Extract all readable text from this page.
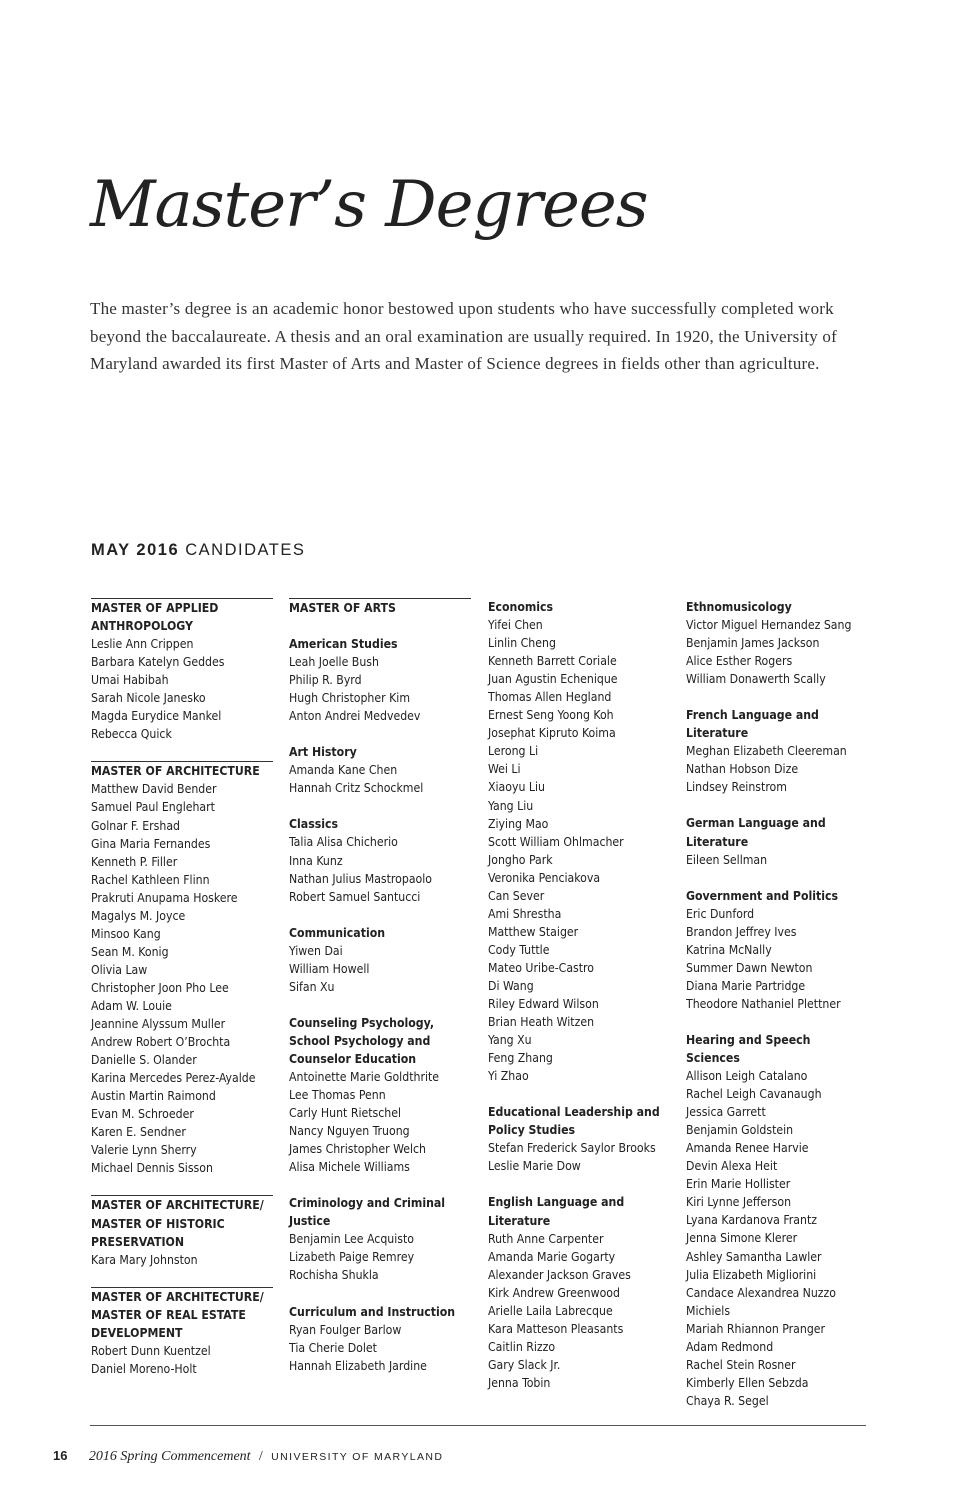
Master’s Degrees

The master’s degree is an academic honor bestowed upon students who have successfully completed work beyond the baccalaureate. A thesis and an oral examination are usually required. In 1920, the University of Maryland awarded its first Master of Arts and Master of Science degrees in fields other than agriculture.

MAY 2016 CANDIDATES
MASTER OF APPLIED ANTHROPOLOGY
Leslie Ann Crippen
Barbara Katelyn Geddes
Umai Habibah
Sarah Nicole Janesko
Magda Eurydice Mankel
Rebecca Quick
MASTER OF ARCHITECTURE
Matthew David Bender
Samuel Paul Englehart
Golnar F. Ershad
Gina Maria Fernandes
Kenneth P. Filler
Rachel Kathleen Flinn
Prakruti Anupama Hoskere
Magalys M. Joyce
Minsoo Kang
Sean M. Konig
Olivia Law
Christopher Joon Pho Lee
Adam W. Louie
Jeannine Alyssum Muller
Andrew Robert O’Brochta
Danielle S. Olander
Karina Mercedes Perez-Ayalde
Austin Martin Raimond
Evan M. Schroeder
Karen E. Sendner
Valerie Lynn Sherry
Michael Dennis Sisson
MASTER OF ARCHITECTURE/ MASTER OF HISTORIC PRESERVATION
Kara Mary Johnston
MASTER OF ARCHITECTURE/ MASTER OF REAL ESTATE DEVELOPMENT
Robert Dunn Kuentzel
Daniel Moreno-Holt
MASTER OF ARTS
American Studies
Leah Joelle Bush
Philip R. Byrd
Hugh Christopher Kim
Anton Andrei Medvedev
Art History
Amanda Kane Chen
Hannah Critz Schockmel
Classics
Talia Alisa Chicherio
Inna Kunz
Nathan Julius Mastropaolo
Robert Samuel Santucci
Communication
Yiwen Dai
William Howell
Sifan Xu
Counseling Psychology, School Psychology and Counselor Education
Antoinette Marie Goldthrite
Lee Thomas Penn
Carly Hunt Rietschel
Nancy Nguyen Truong
James Christopher Welch
Alisa Michele Williams
Criminology and Criminal Justice
Benjamin Lee Acquisto
Lizabeth Paige Remrey
Rochisha Shukla
Curriculum and Instruction
Ryan Foulger Barlow
Tia Cherie Dolet
Hannah Elizabeth Jardine
Economics
Yifei Chen
Linlin Cheng
Kenneth Barrett Coriale
Juan Agustin Echenique
Thomas Allen Hegland
Ernest Seng Yoong Koh
Josephat Kipruto Koima
Lerong Li
Wei Li
Xiaoyu Liu
Yang Liu
Ziying Mao
Scott William Ohlmacher
Jongho Park
Veronika Penciakova
Can Sever
Ami Shrestha
Matthew Staiger
Cody Tuttle
Mateo Uribe-Castro
Di Wang
Riley Edward Wilson
Brian Heath Witzen
Yang Xu
Feng Zhang
Yi Zhao
Educational Leadership and Policy Studies
Stefan Frederick Saylor Brooks
Leslie Marie Dow
English Language and Literature
Ruth Anne Carpenter
Amanda Marie Gogarty
Alexander Jackson Graves
Kirk Andrew Greenwood
Arielle Laila Labrecque
Kara Matteson Pleasants
Caitlin Rizzo
Gary Slack Jr.
Jenna Tobin
Ethnomusicology
Victor Miguel Hernandez Sang
Benjamin James Jackson
Alice Esther Rogers
William Donawerth Scally
French Language and Literature
Meghan Elizabeth Cleereman
Nathan Hobson Dize
Lindsey Reinstrom
German Language and Literature
Eileen Sellman
Government and Politics
Eric Dunford
Brandon Jeffrey Ives
Katrina McNally
Summer Dawn Newton
Diana Marie Partridge
Theodore Nathaniel Plettner
Hearing and Speech Sciences
Allison Leigh Catalano
Rachel Leigh Cavanaugh
Jessica Garrett
Benjamin Goldstein
Amanda Renee Harvie
Devin Alexa Heit
Erin Marie Hollister
Kiri Lynne Jefferson
Lyana Kardanova Frantz
Jenna Simone Klerer
Ashley Samantha Lawler
Julia Elizabeth Migliorini
Candace Alexandrea Nuzzo Michiels
Mariah Rhiannon Pranger
Adam Redmond
Rachel Stein Rosner
Kimberly Ellen Sebzda
Chaya R. Segel
16 2016 Spring Commencement / UNIVERSITY OF MARYLAND
